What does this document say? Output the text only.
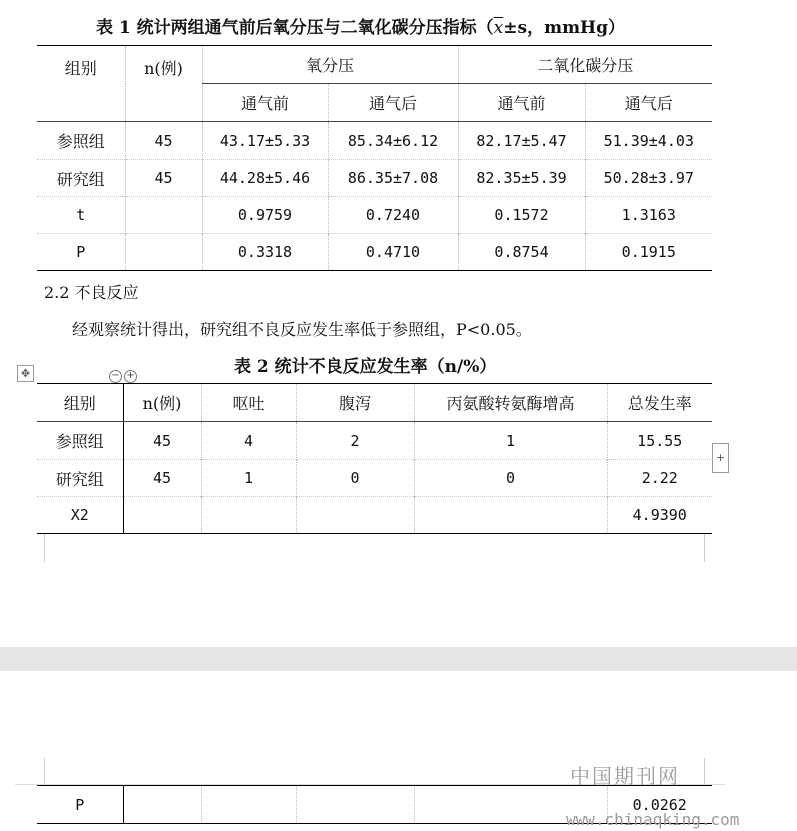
表 1 统计两组通气前后氧分压与二氧化碳分压指标（$\overline{x}\pm s$，mmHg）
组别	n(例)	氧分压		二氧化碳分压	
		通气前	通气后	通气前	通气后
参照组	45	43.17±5.33	85.34±6.12	82.17±5.47	51.39±4.03
研究组	45	44.28±5.46	86.35±7.08	82.35±5.39	50.28±3.97
t		0.9759	0.7240	0.1572	1.3163
P		0.3318	0.4710	0.8754	0.1915
2.2 不良反应
经观察统计得出，研究组不良反应发生率低于参照组，P<0.05。
✥	− +	表 2 统计不良反应发生率（n/%）
组别	n(例)	呕吐	腹泻	丙氨酸转氨酶增高	总发生率
参照组	45	4	2	1	15.55
研究组	45	1	0	0	2.22
X2					4.9390
+
P					0.0262
中国期刊网
www.chinaqking.com
